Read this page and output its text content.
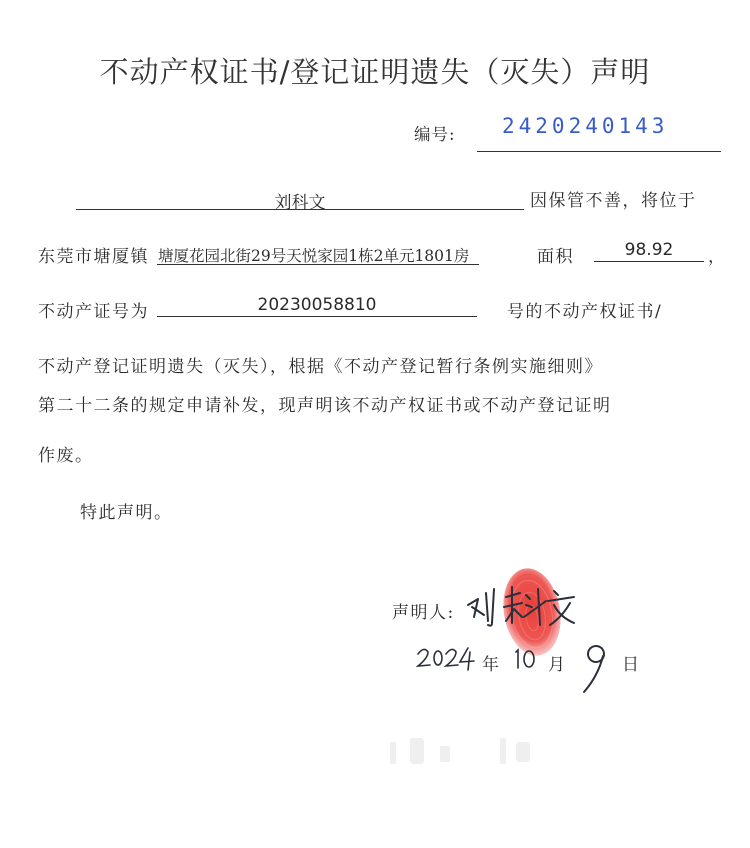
不动产权证书/登记证明遗失（灭失）声明
编号: 2420240143
刘科文	因保管不善，将位于
东莞市塘厦镇 塘厦花园北街29号天悦家园1栋2单元1801房	面积	98.92	，
不动产证号为	20230058810	号的不动产权证书/
不动产登记证明遗失（灭失），根据《不动产登记暂行条例实施细则》
第二十二条的规定申请补发，现声明该不动产权证书或不动产登记证明
作废。
特此声明。
声明人:
年	月	日
